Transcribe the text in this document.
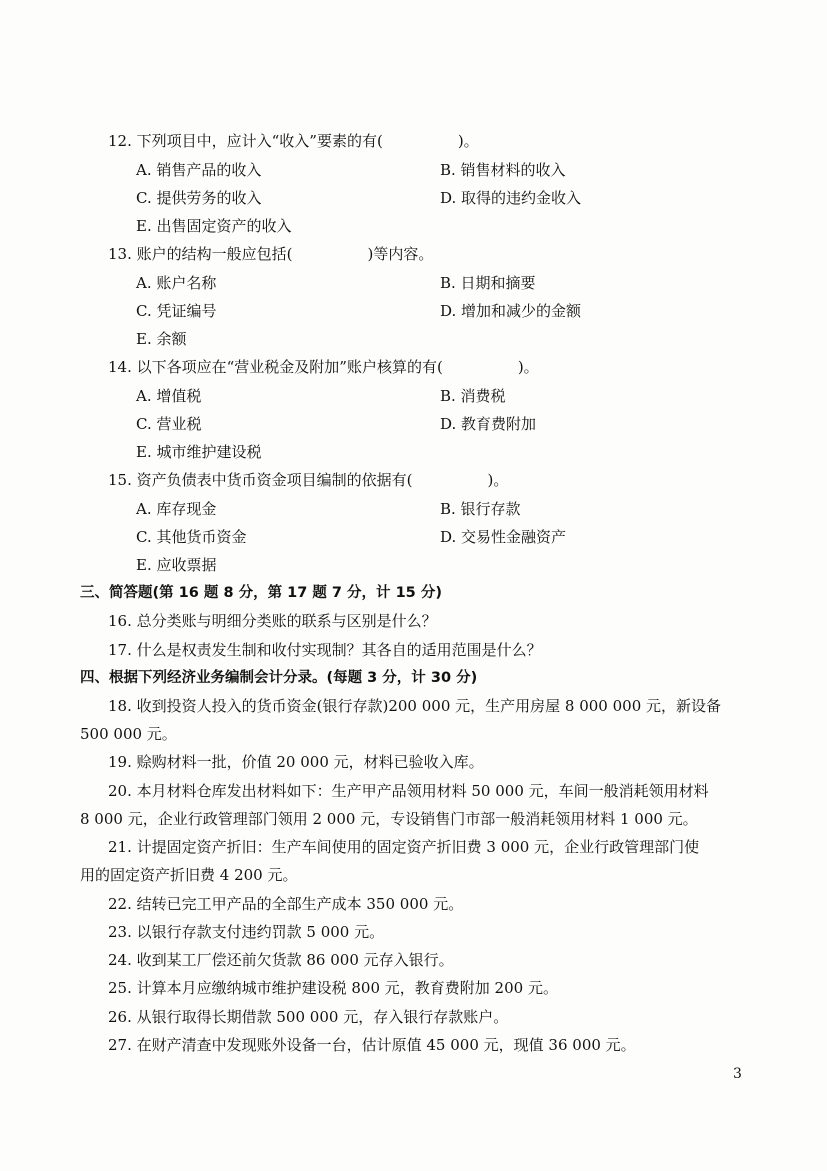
12. 下列项目中，应计入“收入”要素的有(　　　　　)。
A. 销售产品的收入	B. 销售材料的收入
C. 提供劳务的收入	D. 取得的违约金收入
E. 出售固定资产的收入
13. 账户的结构一般应包括(　　　　　)等内容。
A. 账户名称	B. 日期和摘要
C. 凭证编号	D. 增加和减少的金额
E. 余额
14. 以下各项应在“营业税金及附加”账户核算的有(　　　　　)。
A. 增值税	B. 消费税
C. 营业税	D. 教育费附加
E. 城市维护建设税
15. 资产负债表中货币资金项目编制的依据有(　　　　　)。
A. 库存现金	B. 银行存款
C. 其他货币资金	D. 交易性金融资产
E. 应收票据
三、简答题(第 16 题 8 分，第 17 题 7 分，计 15 分)
16. 总分类账与明细分类账的联系与区别是什么？
17. 什么是权责发生制和收付实现制？其各自的适用范围是什么？
四、根据下列经济业务编制会计分录。(每题 3 分，计 30 分)
18. 收到投资人投入的货币资金(银行存款)200 000 元，生产用房屋 8 000 000 元，新设备
500 000 元。
19. 赊购材料一批，价值 20 000 元，材料已验收入库。
20. 本月材料仓库发出材料如下：生产甲产品领用材料 50 000 元，车间一般消耗领用材料
8 000 元，企业行政管理部门领用 2 000 元，专设销售门市部一般消耗领用材料 1 000 元。
21. 计提固定资产折旧：生产车间使用的固定资产折旧费 3 000 元，企业行政管理部门使
用的固定资产折旧费 4 200 元。
22. 结转已完工甲产品的全部生产成本 350 000 元。
23. 以银行存款支付违约罚款 5 000 元。
24. 收到某工厂偿还前欠货款 86 000 元存入银行。
25. 计算本月应缴纳城市维护建设税 800 元，教育费附加 200 元。
26. 从银行取得长期借款 500 000 元，存入银行存款账户。
27. 在财产清查中发现账外设备一台，估计原值 45 000 元，现值 36 000 元。
3
